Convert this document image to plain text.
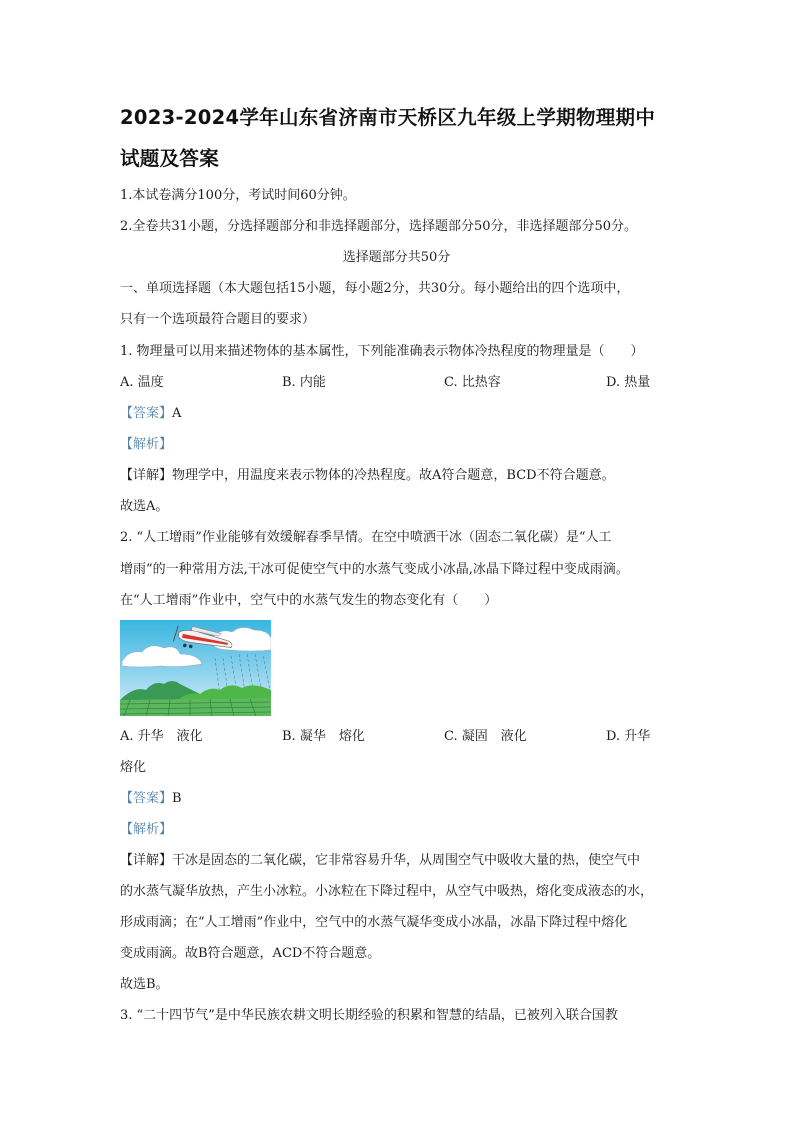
2023-2024学年山东省济南市天桥区九年级上学期物理期中
试题及答案
1.本试卷满分100分，考试时间60分钟。
2.全卷共31小题，分选择题部分和非选择题部分，选择题部分50分，非选择题部分50分。
选择题部分共50分
一、单项选择题（本大题包括15小题，每小题2分，共30分。每小题给出的四个选项中，
只有一个选项最符合题目的要求）
1. 物理量可以用来描述物体的基本属性，下列能准确表示物体冷热程度的物理量是（　　）
A. 温度	B. 内能	C. 比热容	D. 热量
【答案】A
【解析】
【详解】物理学中，用温度来表示物体的冷热程度。故A符合题意，BCD不符合题意。
故选A。
2. “人工增雨”作业能够有效缓解春季旱情。在空中喷洒干冰（固态二氧化碳）是“人工
增雨”的一种常用方法,干冰可促使空气中的水蒸气变成小冰晶,冰晶下降过程中变成雨滴。
在“人工增雨”作业中，空气中的水蒸气发生的物态变化有（　　）
A. 升华　液化	B. 凝华　熔化	C. 凝固　液化	D. 升华
熔化
【答案】B
【解析】
【详解】干冰是固态的二氧化碳，它非常容易升华，从周围空气中吸收大量的热，使空气中
的水蒸气凝华放热，产生小冰粒。小冰粒在下降过程中，从空气中吸热，熔化变成液态的水，
形成雨滴；在“人工增雨”作业中，空气中的水蒸气凝华变成小冰晶，冰晶下降过程中熔化
变成雨滴。故B符合题意，ACD不符合题意。
故选B。
3. “二十四节气”是中华民族农耕文明长期经验的积累和智慧的结晶，已被列入联合国教
